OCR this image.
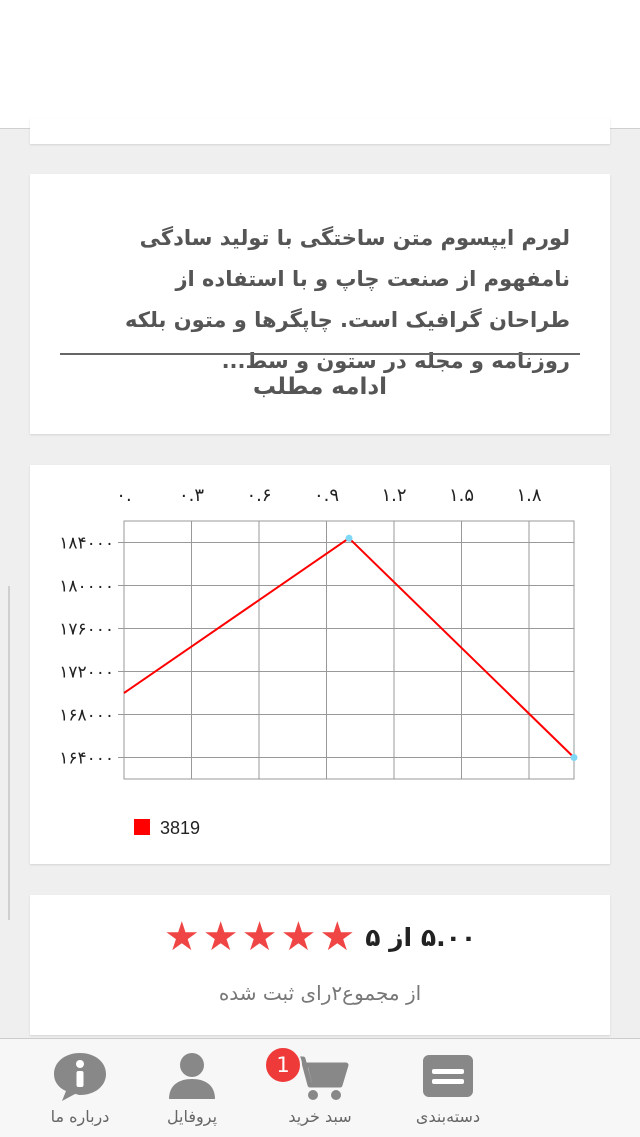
لورم ایپسوم متن ساختگی با تولید سادگی نامفهوم از صنعت چاپ و با استفاده از طراحان گرافیک است. چاپگرها و متون بلکه روزنامه و مجله در ستون و سط...
ادامه مطلب
۰.	۰.۳ ۰.۶ ۰.۹ ۱.۲ ۱.۵ ۱.۸
۱۸۴۰۰۰
۱۸۰۰۰۰
۱۷۶۰۰۰
۱۷۲۰۰۰
۱۶۸۰۰۰
۱۶۴۰۰۰
3819
★ ★ ★ ★ ★ ۵.۰۰ از ۵
از مجموع۲رای ثبت شده
درباره ما	پروفایل	سبد خرید	دسته‌بندی
1
